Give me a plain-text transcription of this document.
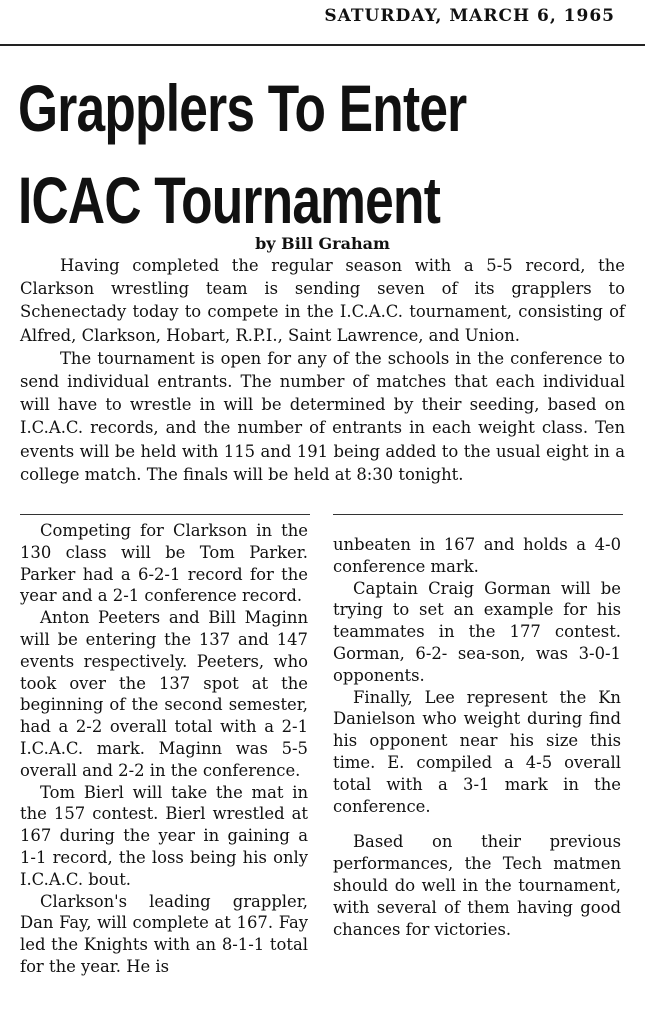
SATURDAY, MARCH 6, 1965
Grapplers To Enter
ICAC Tournament
by Bill Graham

Having completed the regular season with a 5-5 record, the Clarkson wrestling team is sending seven of its grapplers to Schenectady today to compete in the I.C.A.C. tournament, consisting of Alfred, Clarkson, Hobart, R.P.I., Saint Lawrence, and Union.

The tournament is open for any of the schools in the conference to send individual entrants. The number of matches that each individual will have to wrestle in will be determined by their seeding, based on I.C.A.C. records, and the number of entrants in each weight class. Ten events will be held with 115 and 191 being added to the usual eight in a college match. The finals will be held at 8:30 tonight.

Competing for Clarkson in the 130 class will be Tom Parker. Parker had a 6-2-1 record for the year and a 2-1 conference record.

Anton Peeters and Bill Maginn will be entering the 137 and 147 events respectively. Peeters, who took over the 137 spot at the beginning of the second semester, had a 2-2 overall total with a 2-1 I.C.A.C. mark. Maginn was 5-5 overall and 2-2 in the conference.

Tom Bierl will take the mat in the 157 contest. Bierl wrestled at 167 during the year in gaining a 1-1 record, the loss being his only I.C.A.C. bout.

Clarkson's leading grappler, Dan Fay, will complete at 167. Fay led the Knights with an 8-1-1 total for the year. He is

unbeaten in 167 and holds a 4-0 conference mark.

Captain Craig Gorman will be trying to set an example for his teammates in the 177 contest. Gorman, 6-2- sea-son, was 3-0-1 opponents.

Finally, Lee represent the Kn Danielson who weight during find his opponent near his size this time. E. compiled a 4-5 overall total with a 3-1 mark in the conference.

Based on their previous performances, the Tech matmen should do well in the tournament, with several of them having good chances for victories.
